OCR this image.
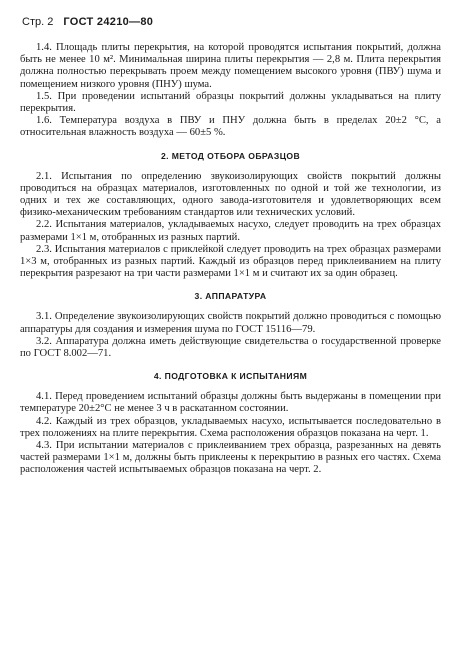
Стр. 2 ГОСТ 24210—80

1.4. Площадь плиты перекрытия, на которой проводятся испытания покрытий, должна быть не менее 10 м². Минимальная ширина плиты перекрытия — 2,8 м. Плита перекрытия должна полностью перекрывать проем между помещением высокого уровня (ПВУ) шума и помещением низкого уровня (ПНУ) шума.

1.5. При проведении испытаний образцы покрытий должны укладываться на плиту перекрытия.

1.6. Температура воздуха в ПВУ и ПНУ должна быть в пределах 20±2 °C, а относительная влажность воздуха — 60±5 %.

2. МЕТОД ОТБОРА ОБРАЗЦОВ

2.1. Испытания по определению звукоизолирующих свойств покрытий должны проводиться на образцах материалов, изготовленных по одной и той же технологии, из одних и тех же составляющих, одного завода-изготовителя и удовлетворяющих всем физико-механическим требованиям стандартов или технических условий.

2.2. Испытания материалов, укладываемых насухо, следует проводить на трех образцах размерами 1×1 м, отобранных из разных партий.

2.3. Испытания материалов с приклейкой следует проводить на трех образцах размерами 1×3 м, отобранных из разных партий. Каждый из образцов перед приклеиванием на плиту перекрытия разрезают на три части размерами 1×1 м и считают их за один образец.

3. АППАРАТУРА

3.1. Определение звукоизолирующих свойств покрытий должно проводиться с помощью аппаратуры для создания и измерения шума по ГОСТ 15116—79.

3.2. Аппаратура должна иметь действующие свидетельства о государственной проверке по ГОСТ 8.002—71.

4. ПОДГОТОВКА К ИСПЫТАНИЯМ

4.1. Перед проведением испытаний образцы должны быть выдержаны в помещении при температуре 20±2°C не менее 3 ч в раскатанном состоянии.

4.2. Каждый из трех образцов, укладываемых насухо, испытывается последовательно в трех положениях на плите перекрытия. Схема расположения образцов показана на черт. 1.

4.3. При испытании материалов с приклеиванием трех образца, разрезанных на девять частей размерами 1×1 м, должны быть приклеены к перекрытию в разных его частях. Схема расположения частей испытываемых образцов показана на черт. 2.
